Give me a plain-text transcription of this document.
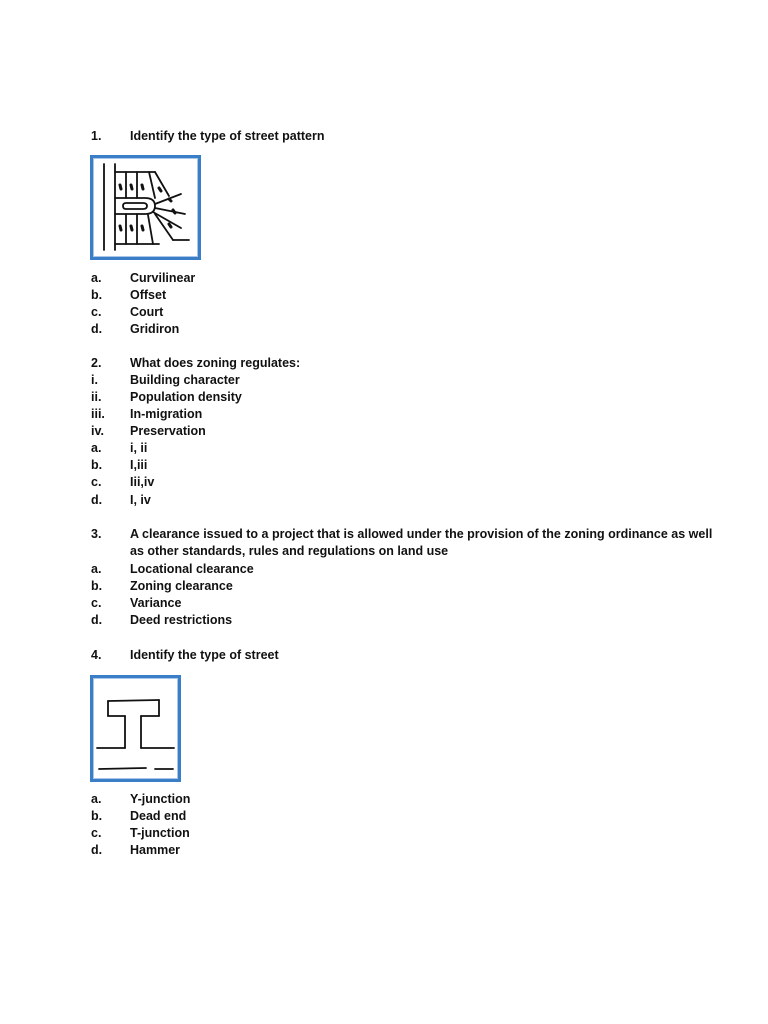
1. Identify the type of street pattern
a. Curvilinear
b. Offset
c. Court
d. Gridiron
2. What does zoning regulates:
i.	Building character
ii. Population density
iii. In-migration
iv. Preservation
a. i, ii
b. I,iii
c. Iii,iv
d. I, iv
3. A clearance issued to a project that is allowed under the provision of the zoning ordinance as well
as other standards, rules and regulations on land use
a. Locational clearance
b. Zoning clearance
c. Variance
d. Deed restrictions
4. Identify the type of street
a. Y-junction
b. Dead end
c. T-junction
d. Hammer
